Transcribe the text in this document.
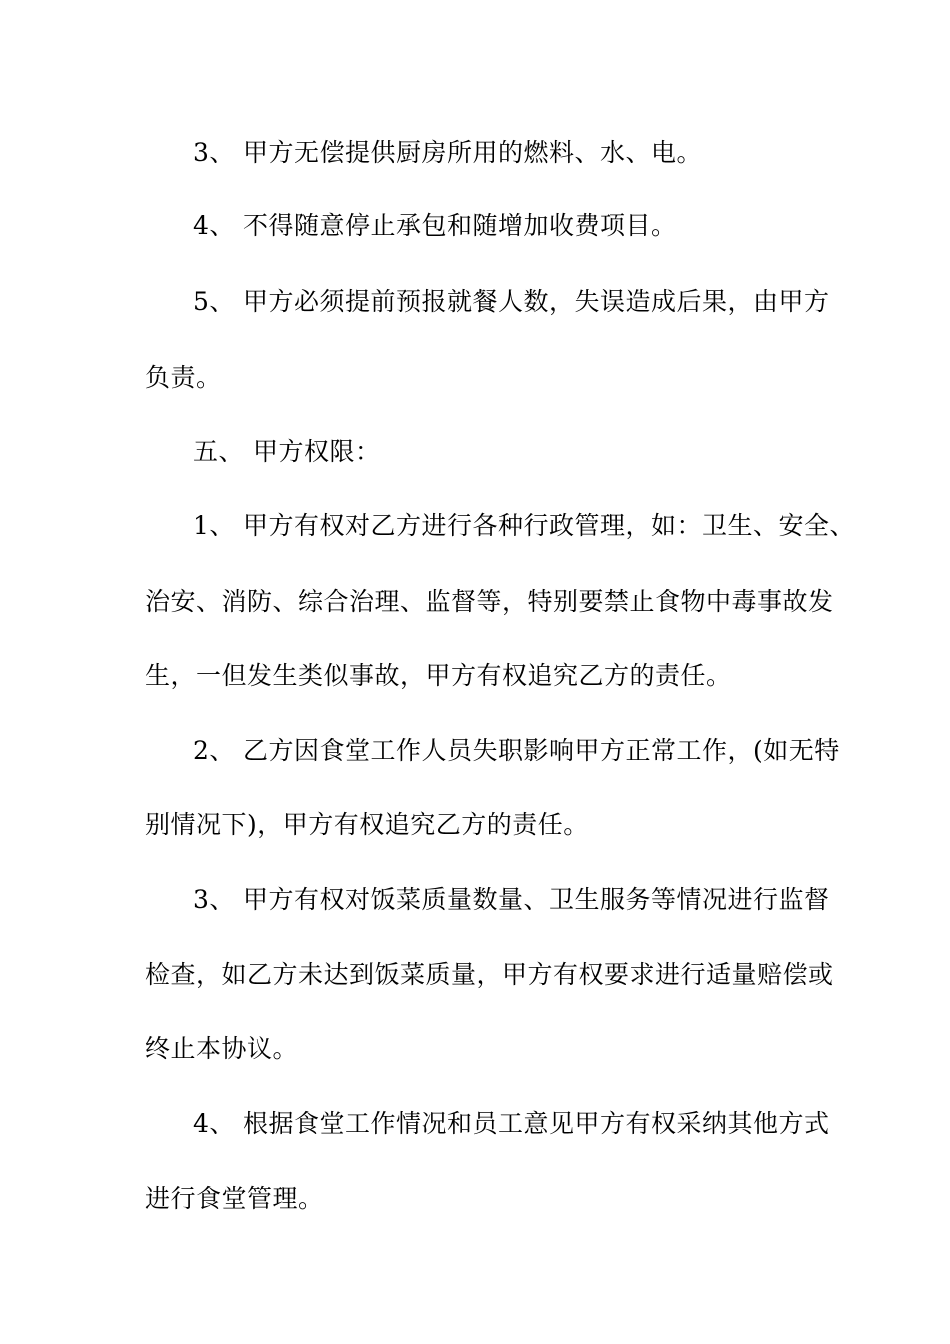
3、 甲方无偿提供厨房所用的燃料、水、电。
4、 不得随意停止承包和随增加收费项目。
5、 甲方必须提前预报就餐人数，失误造成后果，由甲方
负责。
五、 甲方权限：
1、 甲方有权对乙方进行各种行政管理，如：卫生、安全、
治安、消防、综合治理、监督等，特别要禁止食物中毒事故发
生，一但发生类似事故，甲方有权追究乙方的责任。
2、 乙方因食堂工作人员失职影响甲方正常工作，(如无特
别情况下)，甲方有权追究乙方的责任。
3、 甲方有权对饭菜质量数量、卫生服务等情况进行监督
检查，如乙方未达到饭菜质量，甲方有权要求进行适量赔偿或
终止本协议。
4、 根据食堂工作情况和员工意见甲方有权采纳其他方式
进行食堂管理。
